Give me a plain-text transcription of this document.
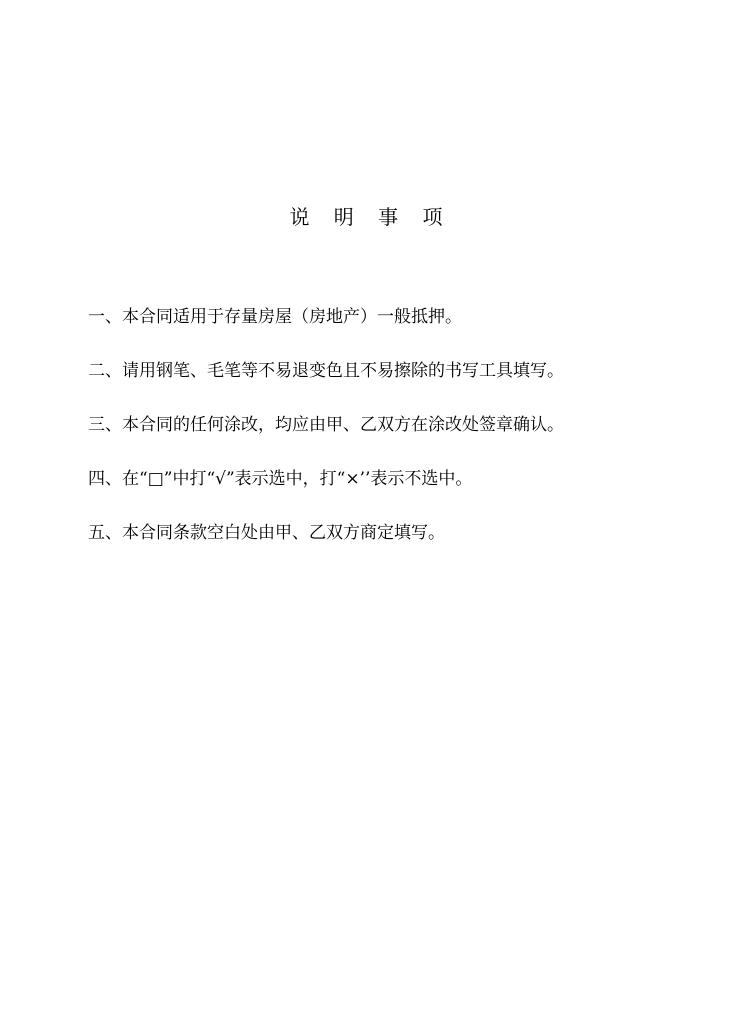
说 明 事 项
一、本合同适用于存量房屋（房地产）一般抵押。
二、请用钢笔、毛笔等不易退变色且不易擦除的书写工具填写。
三、本合同的任何涂改，均应由甲、乙双方在涂改处签章确认。
四、在“□”中打“√”表示选中，打“×’’表示不选中。
五、本合同条款空白处由甲、乙双方商定填写。
